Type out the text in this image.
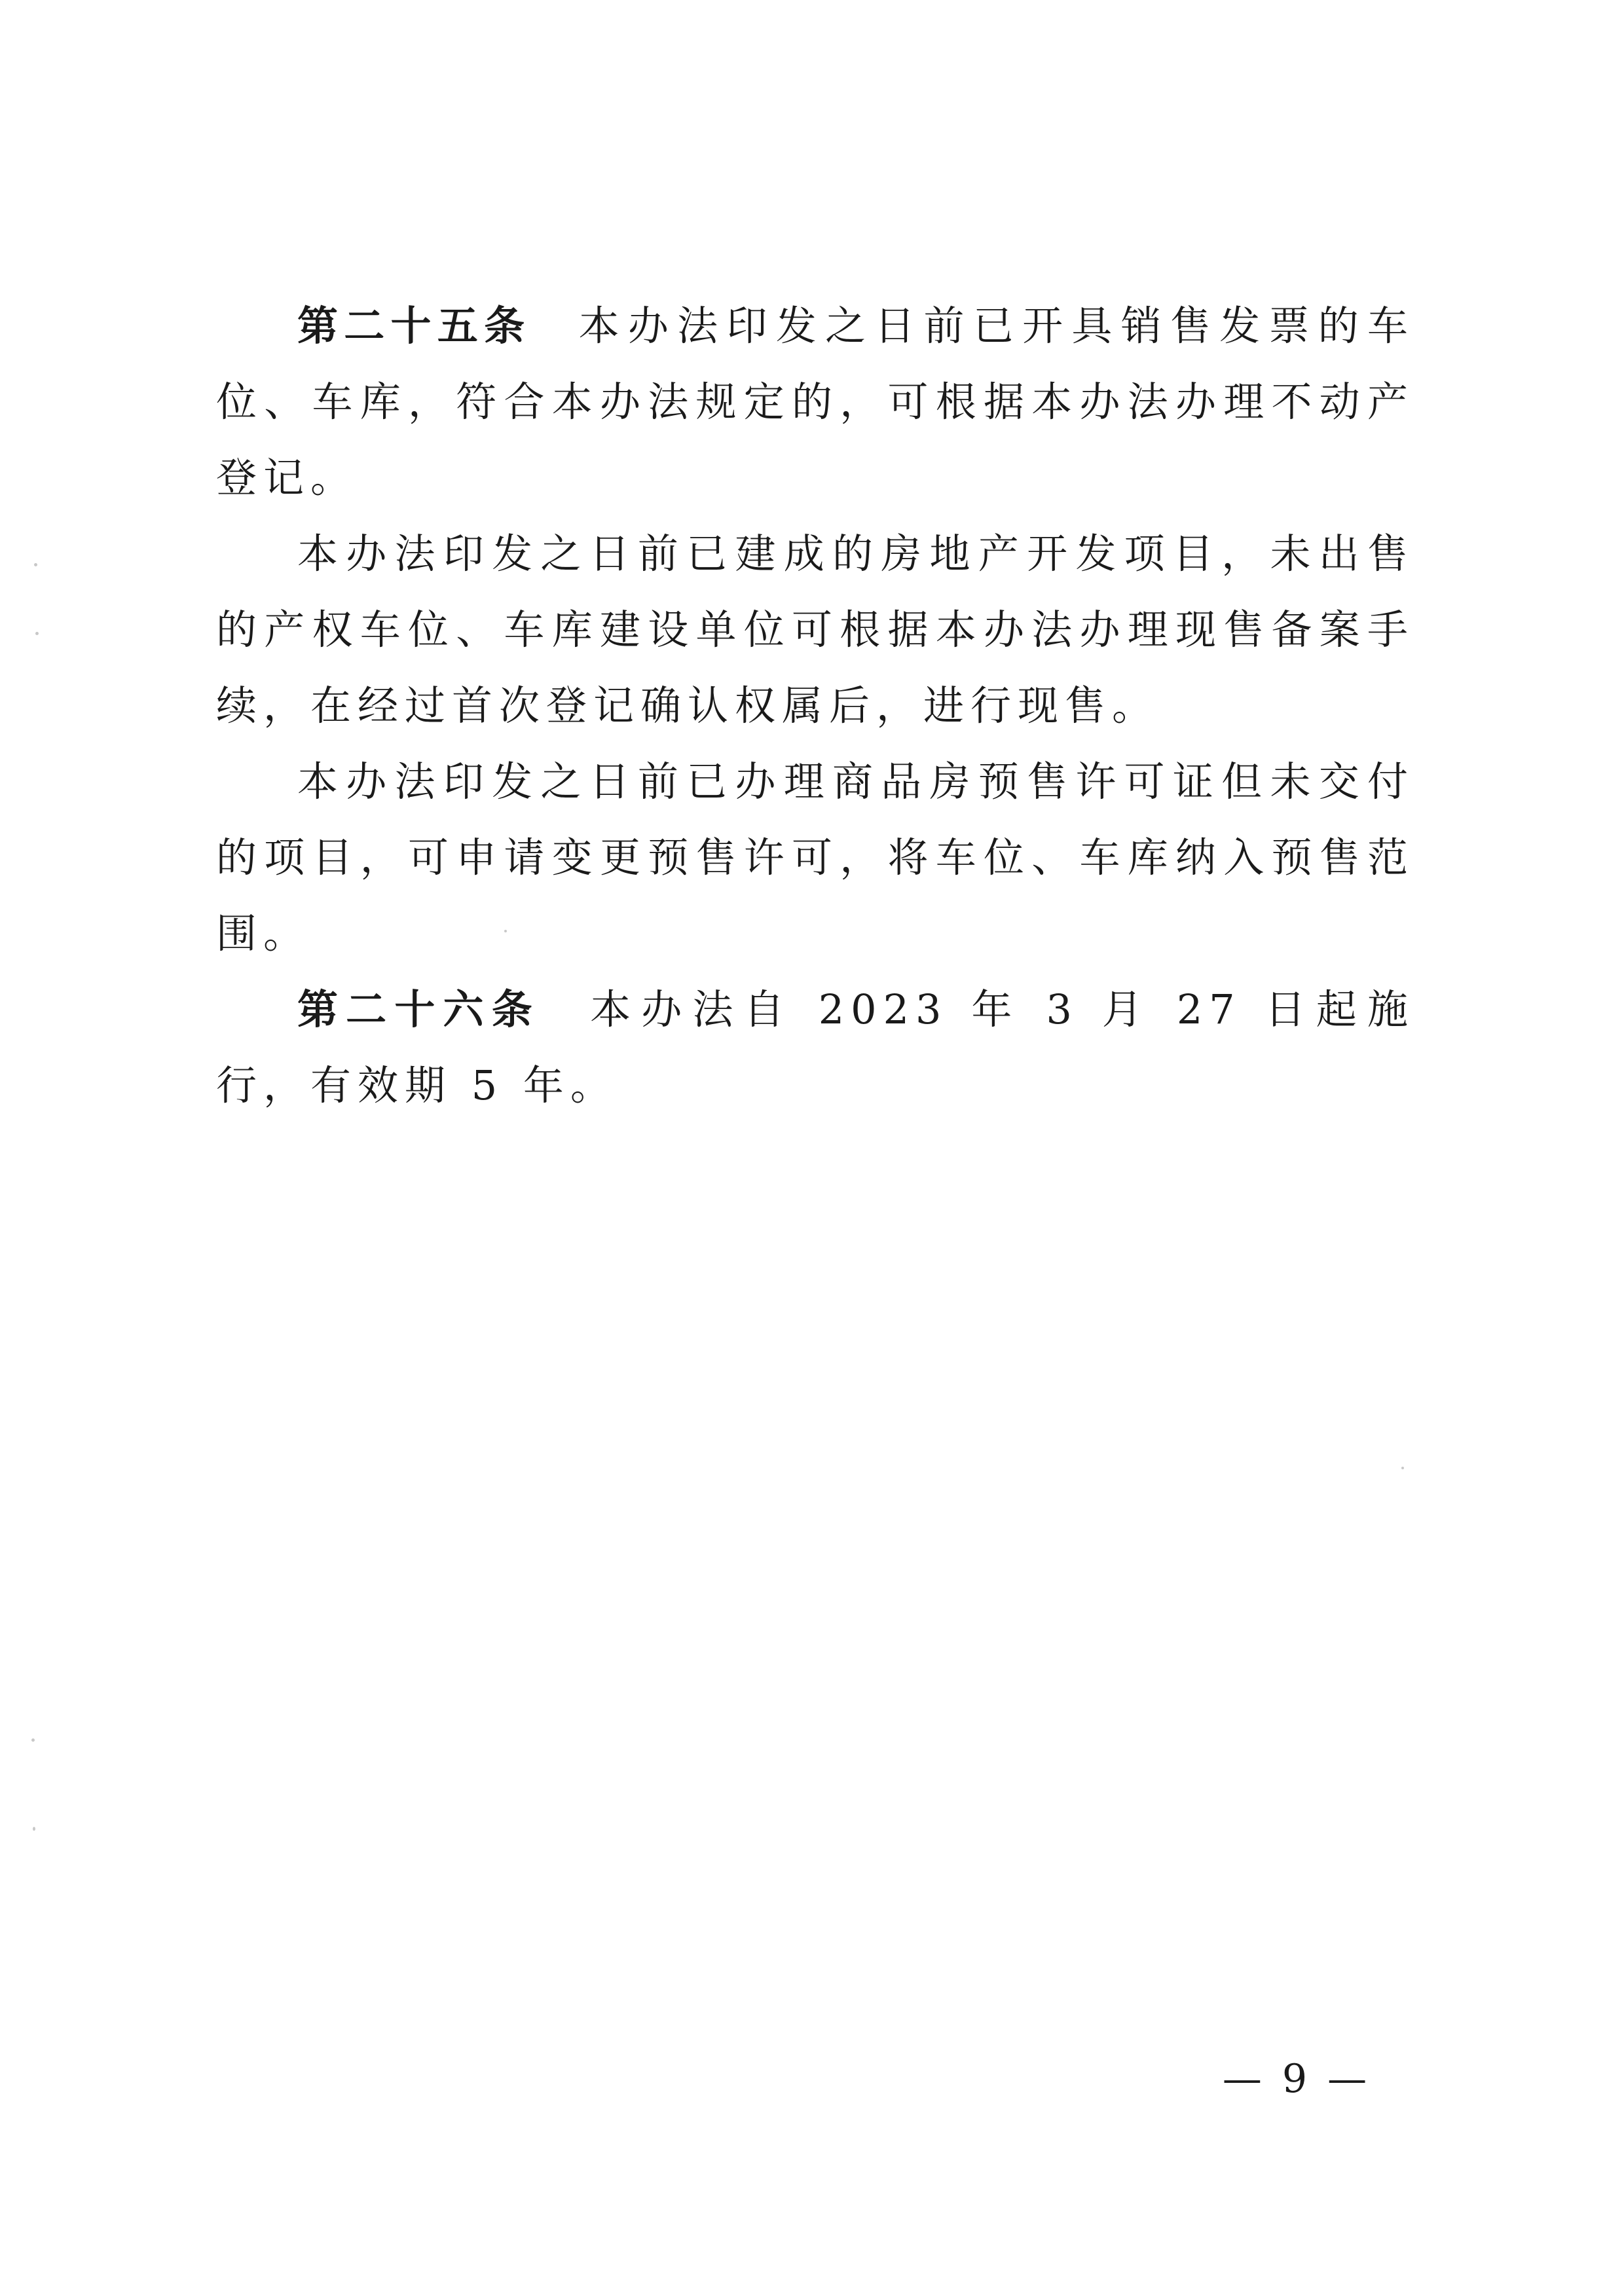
第二十五条 本办法印发之日前已开具销售发票的车位、车库，符合本办法规定的，可根据本办法办理不动产登记。

本办法印发之日前已建成的房地产开发项目，未出售的产权车位、车库建设单位可根据本办法办理现售备案手续，在经过首次登记确认权属后，进行现售。

本办法印发之日前已办理商品房预售许可证但未交付的项目，可申请变更预售许可，将车位、车库纳入预售范围。

第二十六条 本办法自 2023 年 3 月 27 日起施行，有效期 5 年。

— 9 —
